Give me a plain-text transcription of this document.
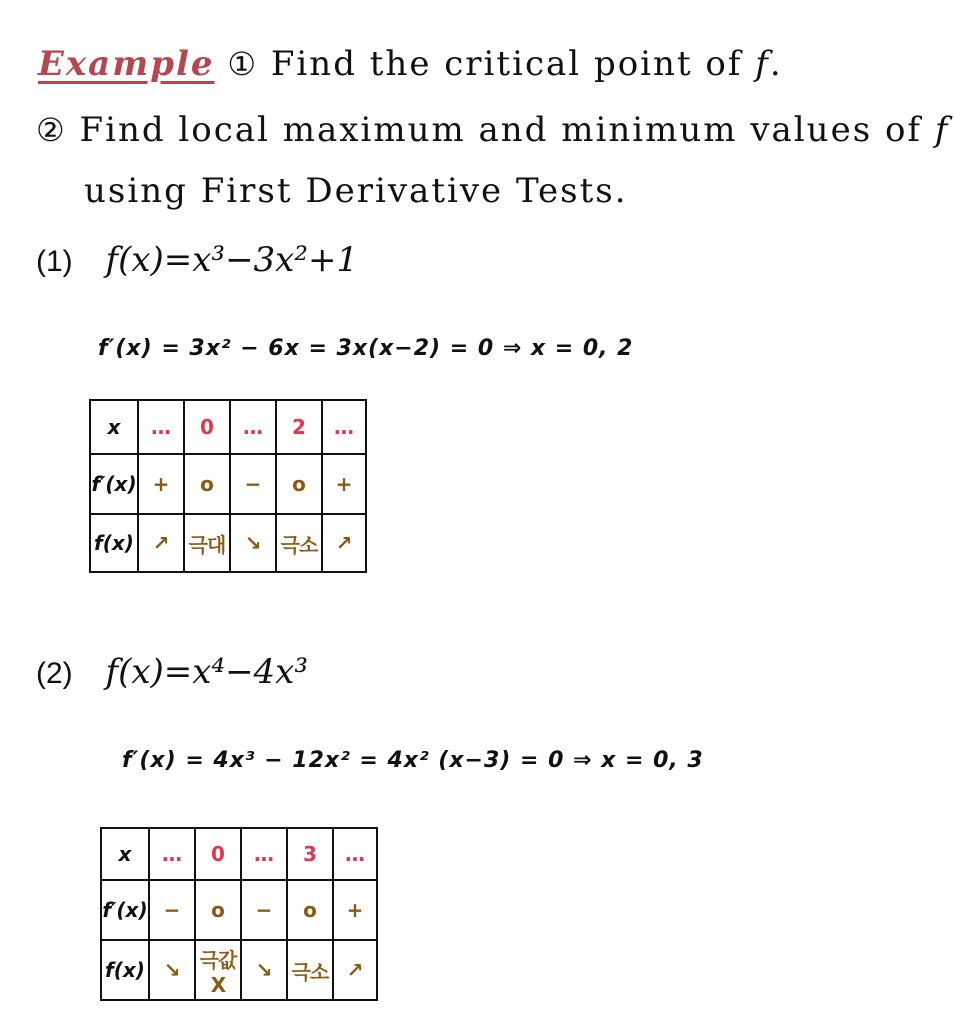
Example ① Find the critical point of f.
② Find local maximum and minimum values of f
using First Derivative Tests.
(1) f(x)=x³−3x²+1
f′(x) = 3x² − 6x = 3x(x−2) = 0 ⇒ x = 0, 2
x	…	0	…	2	…
f′(x)	+	o	−	o	+
f(x)	↗	극대	↘	극소	↗
(2) f(x)=x⁴−4x³
f′(x) = 4x³ − 12x² = 4x² (x−3) = 0 ⇒ x = 0, 3
x	…	0	…	3	…
f′(x)	−	o	−	o	+
f(x)	↘	극값X	↘	극소	↗
